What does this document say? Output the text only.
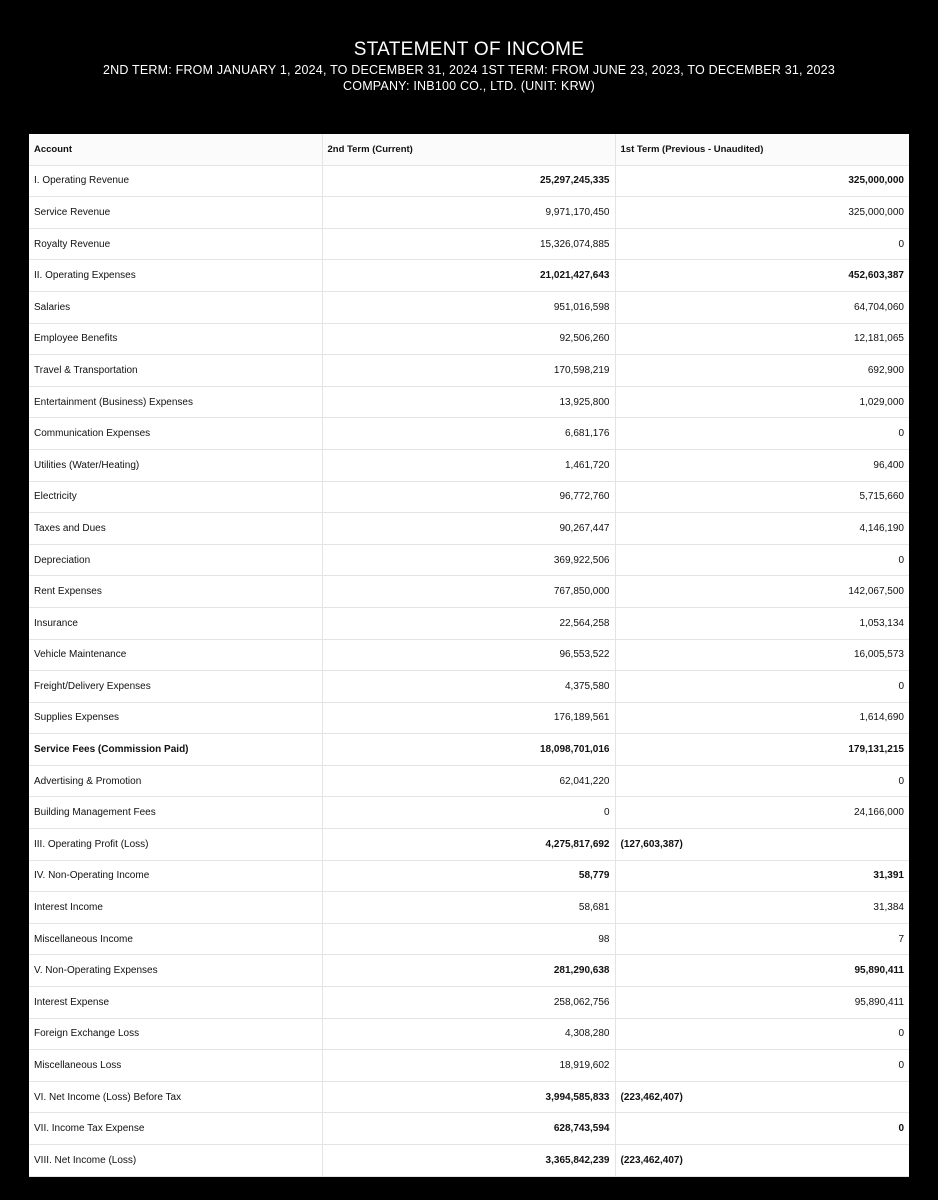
STATEMENT OF INCOME
2ND TERM: FROM JANUARY 1, 2024, TO DECEMBER 31, 2024 1ST TERM: FROM JUNE 23, 2023, TO DECEMBER 31, 2023
COMPANY: INB100 CO., LTD. (UNIT: KRW)
Account	2nd Term (Current)	1st Term (Previous - Unaudited)
I. Operating Revenue	25,297,245,335	325,000,000
Service Revenue	9,971,170,450	325,000,000
Royalty Revenue	15,326,074,885	0
II. Operating Expenses	21,021,427,643	452,603,387
Salaries	951,016,598	64,704,060
Employee Benefits	92,506,260	12,181,065
Travel & Transportation	170,598,219	692,900
Entertainment (Business) Expenses	13,925,800	1,029,000
Communication Expenses	6,681,176	0
Utilities (Water/Heating)	1,461,720	96,400
Electricity	96,772,760	5,715,660
Taxes and Dues	90,267,447	4,146,190
Depreciation	369,922,506	0
Rent Expenses	767,850,000	142,067,500
Insurance	22,564,258	1,053,134
Vehicle Maintenance	96,553,522	16,005,573
Freight/Delivery Expenses	4,375,580	0
Supplies Expenses	176,189,561	1,614,690
Service Fees (Commission Paid)	18,098,701,016	179,131,215
Advertising & Promotion	62,041,220	0
Building Management Fees	0	24,166,000
III. Operating Profit (Loss)	4,275,817,692	(127,603,387)
IV. Non-Operating Income	58,779	31,391
Interest Income	58,681	31,384
Miscellaneous Income	98	7
V. Non-Operating Expenses	281,290,638	95,890,411
Interest Expense	258,062,756	95,890,411
Foreign Exchange Loss	4,308,280	0
Miscellaneous Loss	18,919,602	0
VI. Net Income (Loss) Before Tax	3,994,585,833	(223,462,407)
VII. Income Tax Expense	628,743,594	0
VIII. Net Income (Loss)	3,365,842,239	(223,462,407)
